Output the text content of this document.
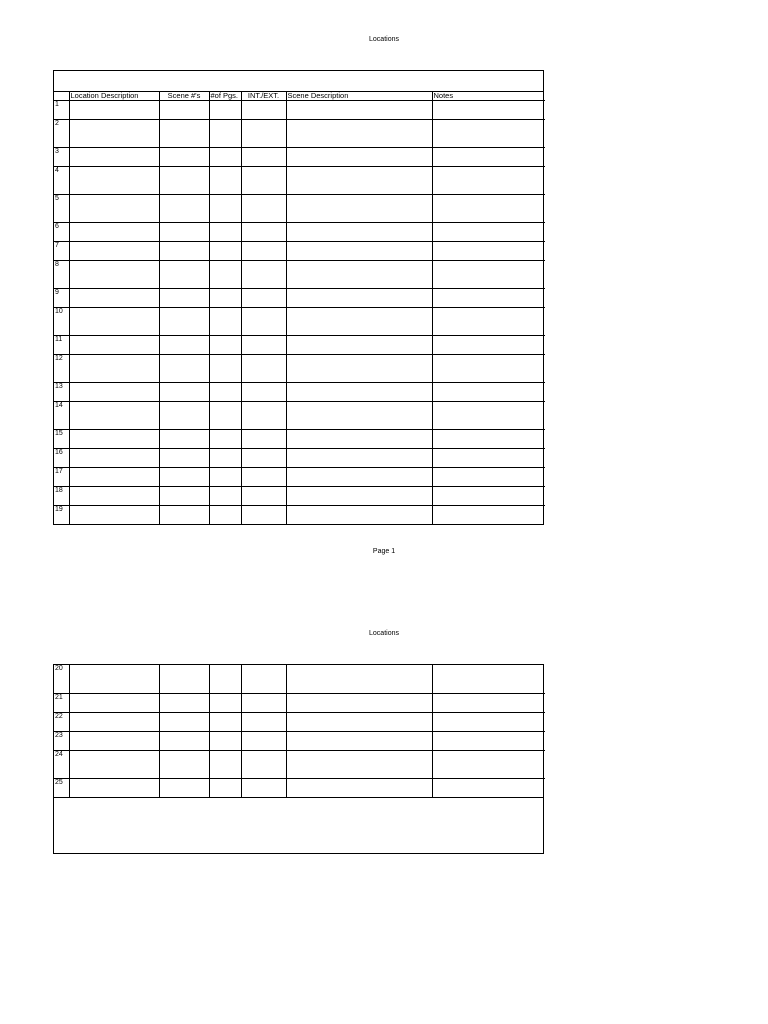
Locations
	Location Description	Scene #'s	#of Pgs.	INT./EXT.	Scene Description	Notes
1						
2						
3						
4						
5						
6						
7						
8						
9						
10						
11						
12						
13						
14						
15						
16						
17						
18						
19						
Page 1
Locations
20						
21						
22						
23						
24						
25						
